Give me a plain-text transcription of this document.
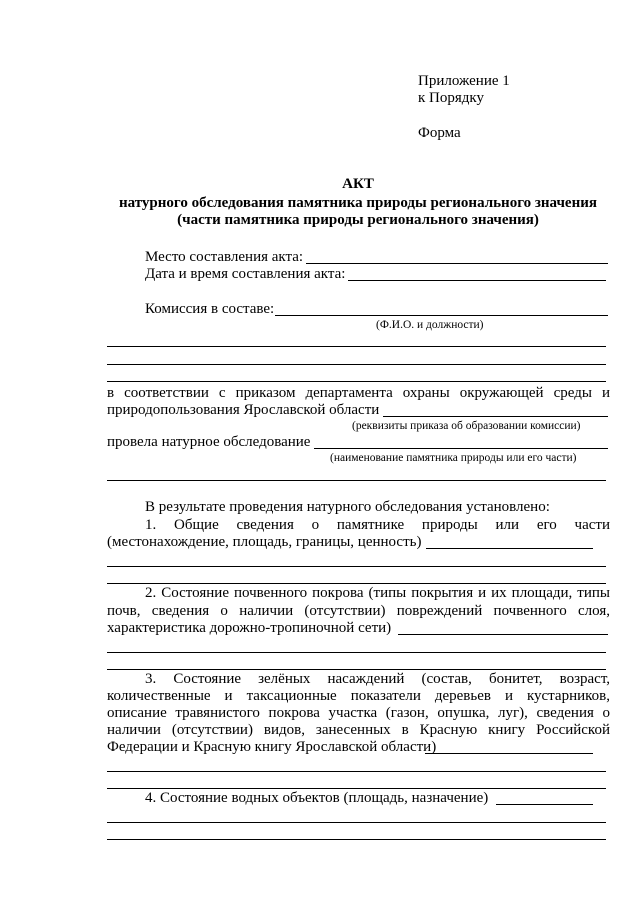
Приложение 1
к Порядку
Форма
АКТ
натурного обследования памятника природы регионального значения
(части памятника природы регионального значения)
Место составления акта:
Дата и время составления акта:
Комиссия в составе:
(Ф.И.О. и должности)
в соответствии с приказом департамента охраны окружающей среды и
природопользования Ярославской области
(реквизиты приказа об образовании комиссии)
провела натурное обследование
(наименование памятника природы или его части)
В результате проведения натурного обследования установлено:
1. Общие сведения о памятнике природы или его части
(местонахождение, площадь, границы, ценность)
2. Состояние почвенного покрова (типы покрытия и их площади, типы
почв, сведения о наличии (отсутствии) повреждений почвенного слоя,
характеристика дорожно-тропиночной сети)
3. Состояние зелёных насаждений (состав, бонитет, возраст,
количественные и таксационные показатели деревьев и кустарников,
описание травянистого покрова участка (газон, опушка, луг), сведения о
наличии (отсутствии) видов, занесенных в Красную книгу Российской
Федерации и Красную книгу Ярославской области)
4. Состояние водных объектов (площадь, назначение)
